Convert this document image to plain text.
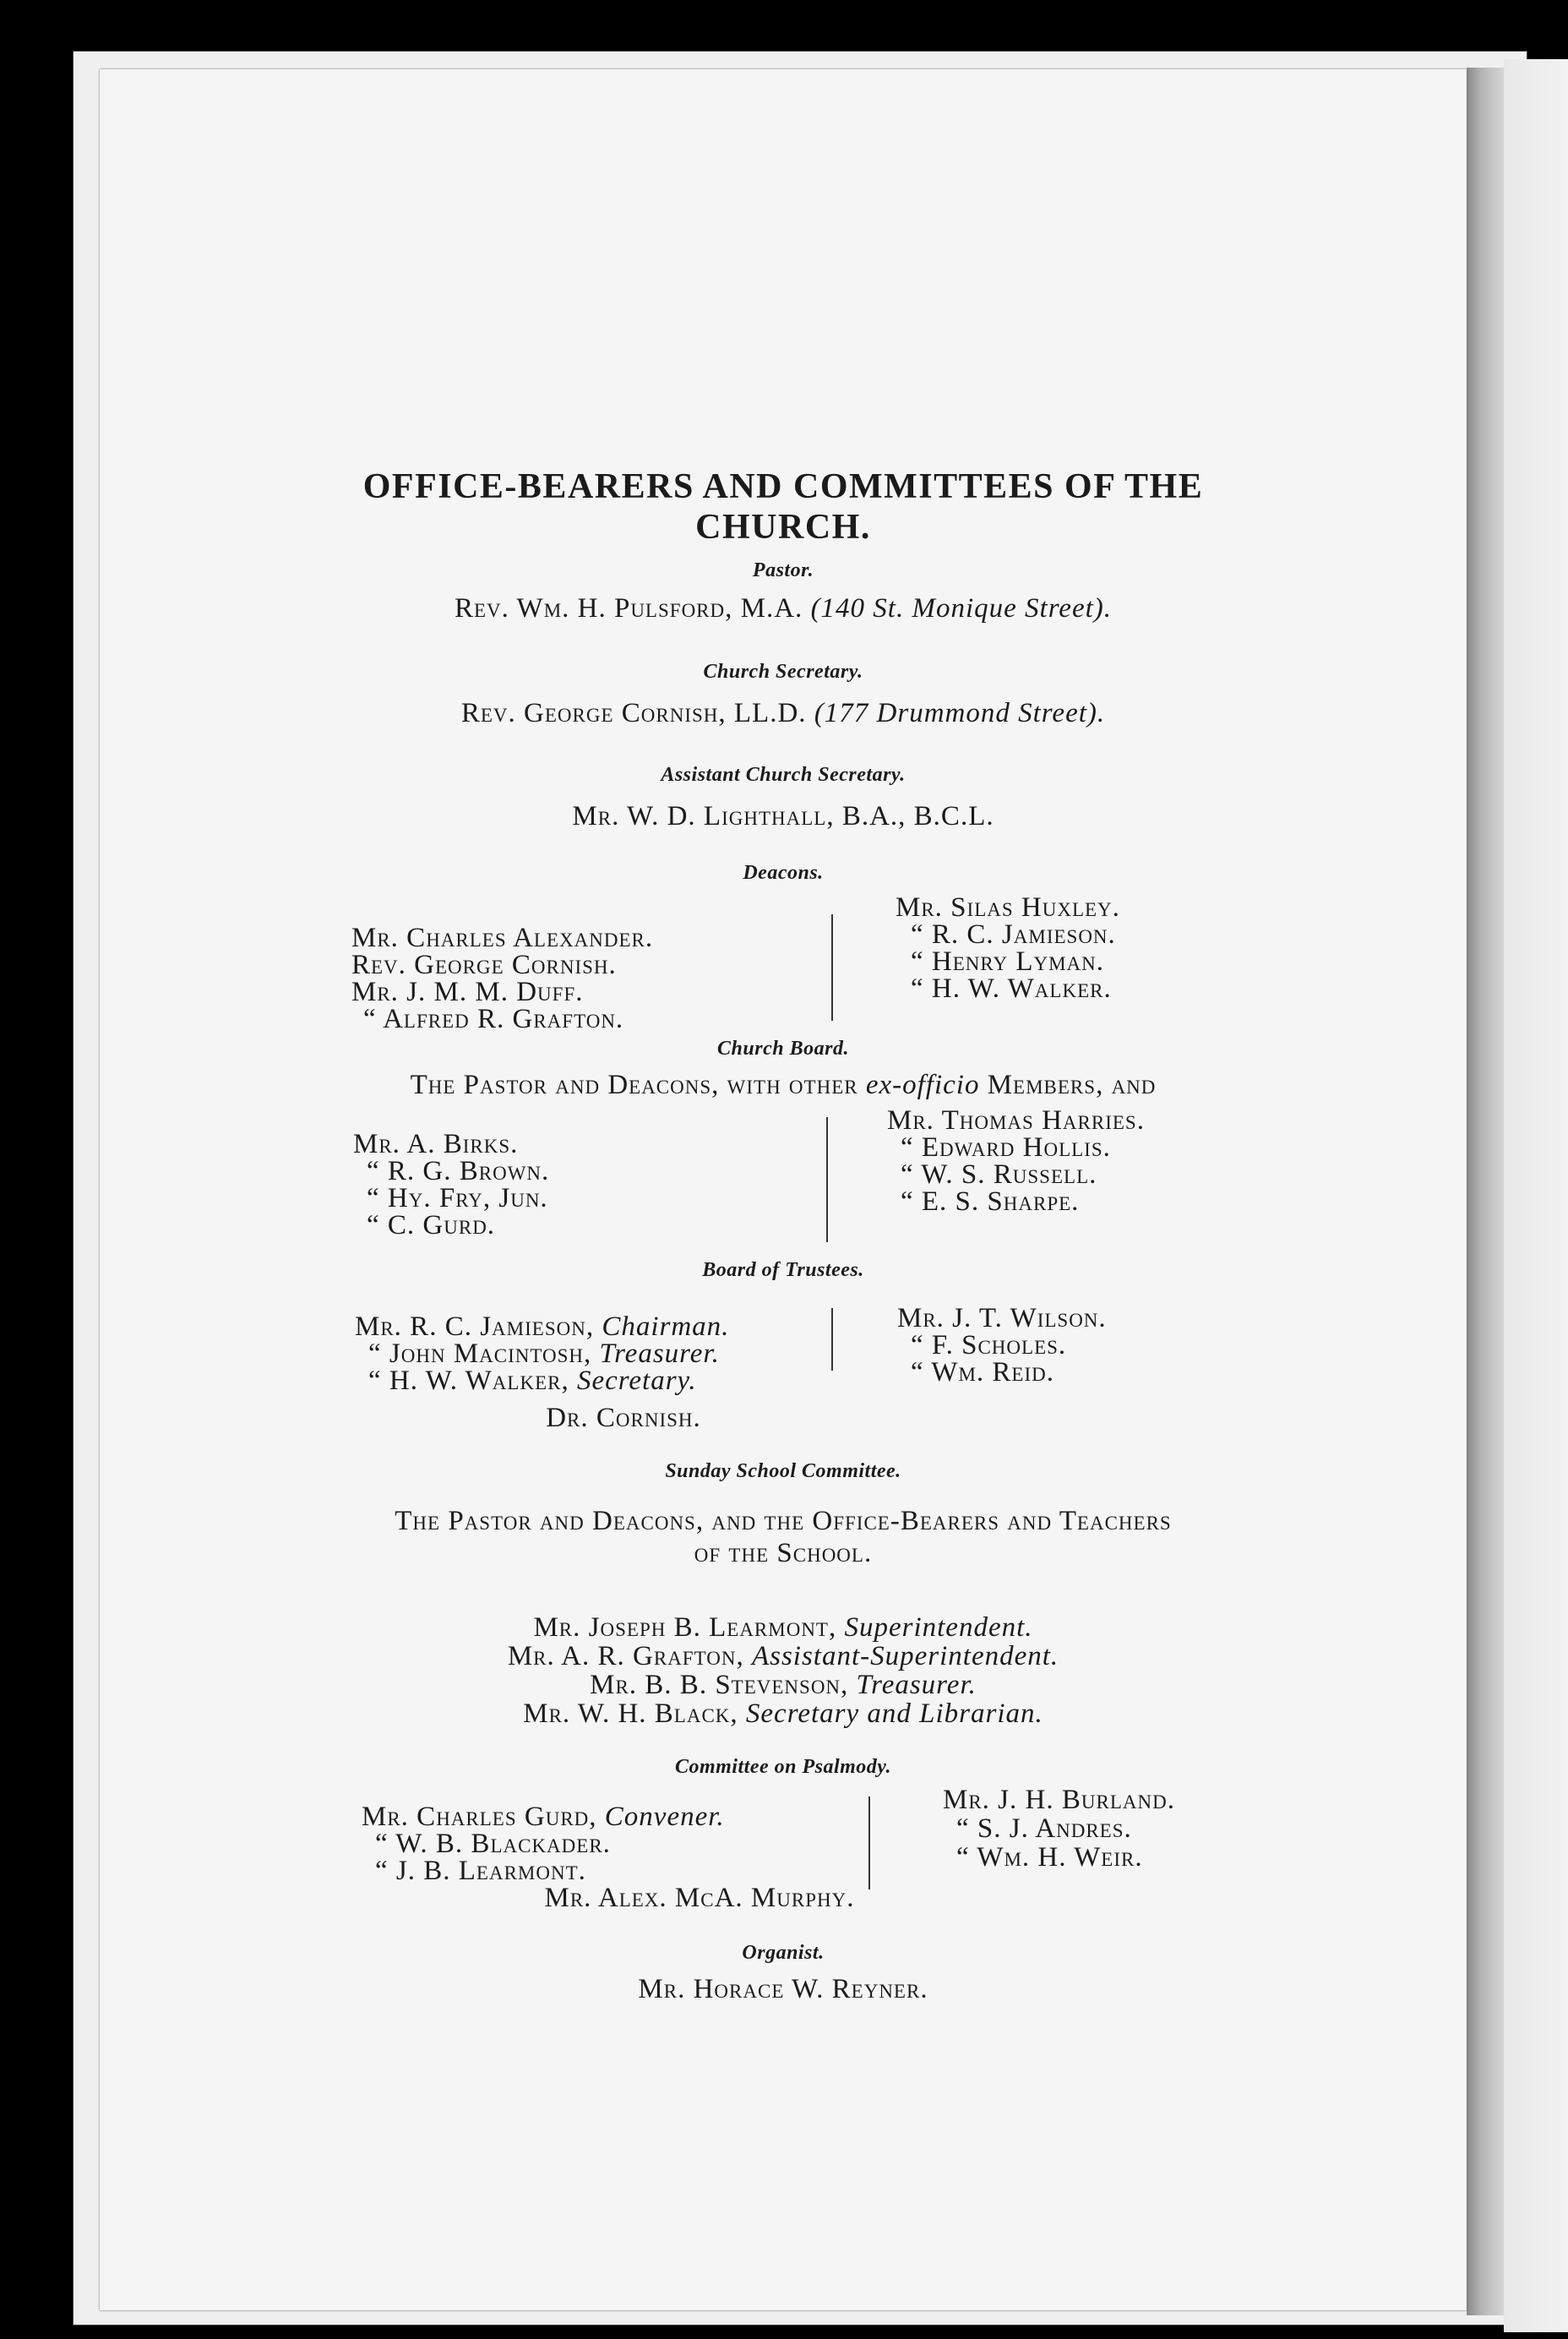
OFFICE-BEARERS AND COMMITTEES OF THE
CHURCH.
Pastor.
Rev. Wm. H. Pulsford, M.A. (140 St. Monique Street).
Church Secretary.
Rev. George Cornish, LL.D. (177 Drummond Street).
Assistant Church Secretary.
Mr. W. D. Lighthall, B.A., B.C.L.
Deacons.
Mr. Charles Alexander.
Rev. George Cornish.
Mr. J. M. M. Duff.
“ Alfred R. Grafton.
Mr. Silas Huxley.
“ R. C. Jamieson.
“ Henry Lyman.
“ H. W. Walker.
Church Board.
The Pastor and Deacons, with other ex-officio Members, and
Mr. A. Birks.
“ R. G. Brown.
“ Hy. Fry, Jun.
“ C. Gurd.
Mr. Thomas Harries.
“ Edward Hollis.
“ W. S. Russell.
“ E. S. Sharpe.
Board of Trustees.
Mr. R. C. Jamieson, Chairman.
“ John Macintosh, Treasurer.
“ H. W. Walker, Secretary.
Mr. J. T. Wilson.
“ F. Scholes.
“ Wm. Reid.
Dr. Cornish.
Sunday School Committee.
The Pastor and Deacons, and the Office-Bearers and Teachers
of the School.
Mr. Joseph B. Learmont, Superintendent.
Mr. A. R. Grafton, Assistant-Superintendent.
Mr. B. B. Stevenson, Treasurer.
Mr. W. H. Black, Secretary and Librarian.
Committee on Psalmody.
Mr. Charles Gurd, Convener.
“ W. B. Blackader.
“ J. B. Learmont.
Mr. J. H. Burland.
“ S. J. Andres.
“ Wm. H. Weir.
Mr. Alex. McA. Murphy.
Organist.
Mr. Horace W. Reyner.
